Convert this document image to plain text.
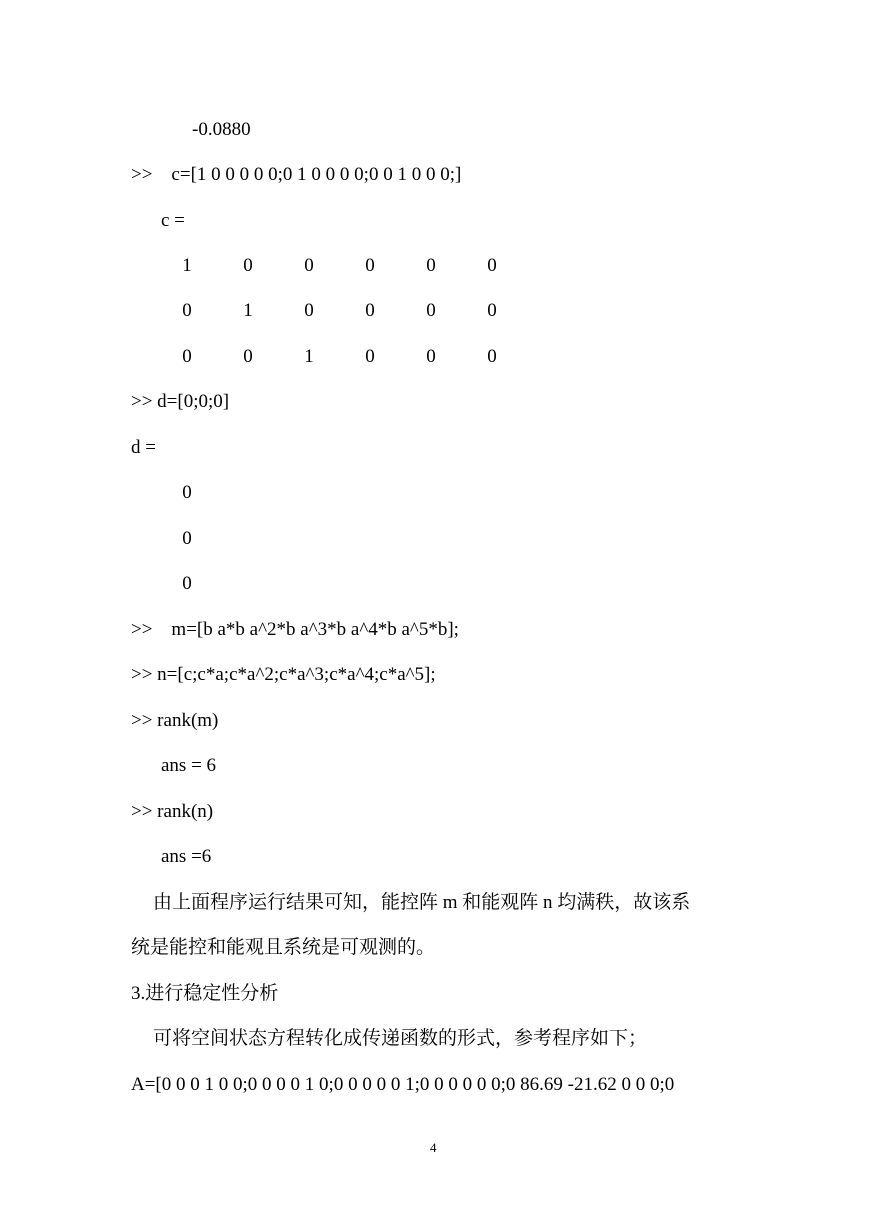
-0.0880
>>    c=[1 0 0 0 0 0;0 1 0 0 0 0;0 0 1 0 0 0;]
c =
1	0	0	0	0	0
0	1	0	0	0	0
0	0	1	0	0	0
>> d=[0;0;0]
d =
0
0
0
>>    m=[b a*b a^2*b a^3*b a^4*b a^5*b];
>> n=[c;c*a;c*a^2;c*a^3;c*a^4;c*a^5];
>> rank(m)
ans = 6
>> rank(n)
ans =6
由上面程序运行结果可知，能控阵 m 和能观阵 n 均满秩，故该系
统是能控和能观且系统是可观测的。
3.进行稳定性分析
可将空间状态方程转化成传递函数的形式，参考程序如下；
A=[0 0 0 1 0 0;0 0 0 0 1 0;0 0 0 0 0 1;0 0 0 0 0 0;0 86.69 -21.62 0 0 0;0
4
